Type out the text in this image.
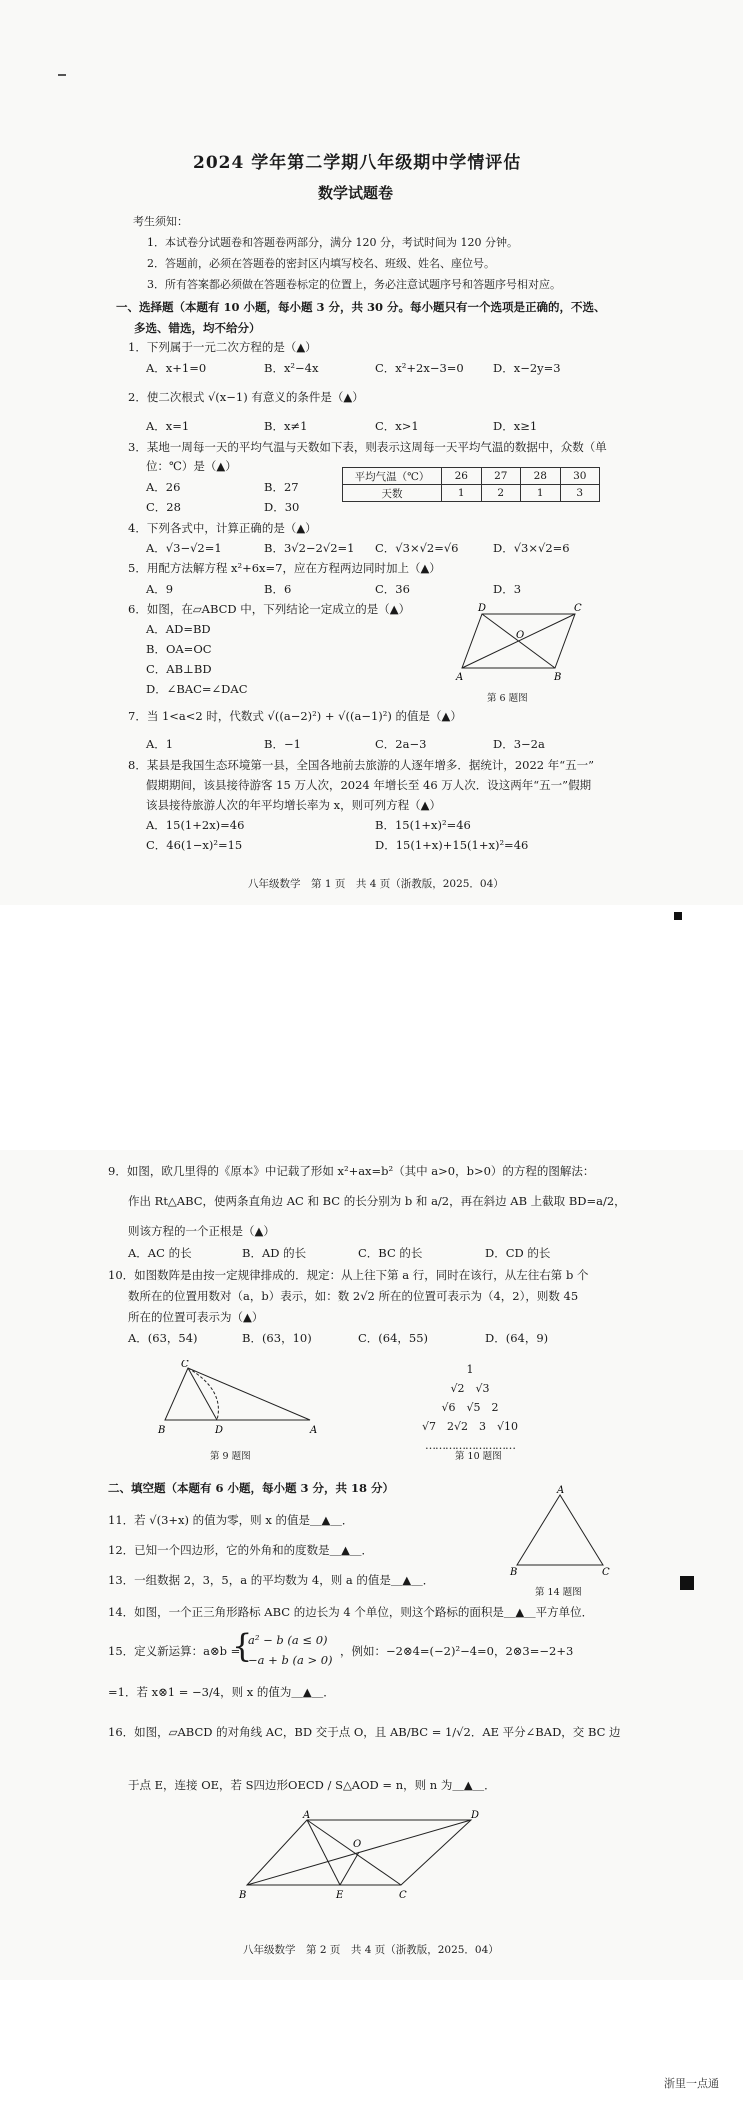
2024 学年第二学期八年级期中学情评估
数学试题卷
考生须知：
1．本试卷分试题卷和答题卷两部分，满分 120 分，考试时间为 120 分钟。
2．答题前，必须在答题卷的密封区内填写校名、班级、姓名、座位号。
3．所有答案都必须做在答题卷标定的位置上，务必注意试题序号和答题序号相对应。
一、选择题（本题有 10 小题，每小题 3 分，共 30 分。每小题只有一个选项是正确的，不选、
多选、错选，均不给分）
1．下列属于一元二次方程的是（▲）
A．x+1=0	B．x²−4x	C．x²+2x−3=0	D．x−2y=3
2．使二次根式 √(x−1) 有意义的条件是（▲）
A．x=1	B．x≠1	C．x>1	D．x≥1
3．某地一周每一天的平均气温与天数如下表，则表示这周每一天平均气温的数据中，众数（单
位：℃）是（▲）
A．26	B．27
C．28	D．30
平均气温（℃）	26	27	28	30
天数	1	2	1	3
4．下列各式中，计算正确的是（▲）
A．√3−√2=1	B．3√2−2√2=1 C．√3×√2=√6	D．√3×√2=6
5．用配方法解方程 x²+6x=7，应在方程两边同时加上（▲）
A．9	B．6	C．36	D．3
6．如图，在▱ABCD 中，下列结论一定成立的是（▲）
A．AD=BD
B．OA=OC
C．AB⊥BD
D．∠BAC=∠DAC
D	C
A	B
O
第 6 题图
7．当 1<a<2 时，代数式 √((a−2)²) + √((a−1)²) 的值是（▲）
A．1	B．−1	C．2a−3	D．3−2a
8．某县是我国生态环境第一县，全国各地前去旅游的人逐年增多．据统计，2022 年“五一”
假期期间，该县接待游客 15 万人次，2024 年增长至 46 万人次．设这两年“五一”假期
该县接待旅游人次的年平均增长率为 x，则可列方程（▲）
A．15(1+2x)=46	B．15(1+x)²=46
C．46(1−x)²=15	D．15(1+x)+15(1+x)²=46
八年级数学　第 1 页　共 4 页（浙教版，2025．04）
9．如图，欧几里得的《原本》中记载了形如 x²+ax=b²（其中 a>0，b>0）的方程的图解法：
作出 Rt△ABC，使两条直角边 AC 和 BC 的长分别为 b 和 a/2，再在斜边 AB 上截取 BD=a/2，
则该方程的一个正根是（▲）
A．AC 的长	B．AD 的长	C．BC 的长	D．CD 的长
10．如图数阵是由按一定规律排成的．规定：从上往下第 a 行，同时在该行，从左往右第 b 个
数所在的位置用数对（a，b）表示，如：数 2√2 所在的位置可表示为（4，2），则数 45
所在的位置可表示为（▲）
A．(63，54)	B．(63，10)	C．(64，55)	D．(64，9)
C
B	D	A
第 9 题图
1
√2　√3
√6　√5　2
√7　2√2　3　√10
………………………
第 10 题图
二、填空题（本题有 6 小题，每小题 3 分，共 18 分）
11．若 √(3+x) 的值为零，则 x 的值是＿▲＿．
12．已知一个四边形，它的外角和的度数是＿▲＿．
13．一组数据 2，3，5，a 的平均数为 4，则 a 的值是＿▲＿．
A
B	C
第 14 题图
14．如图，一个正三角形路标 ABC 的边长为 4 个单位，则这个路标的面积是＿▲＿平方单位．
15．定义新运算：a⊗b =
{
a² − b (a ≤ 0)
−a + b (a > 0)
，例如：−2⊗4=(−2)²−4=0，2⊗3=−2+3
=1．若 x⊗1 = −3/4，则 x 的值为＿▲＿．
16．如图，▱ABCD 的对角线 AC，BD 交于点 O，且 AB/BC = 1/√2．AE 平分∠BAD，交 BC 边
于点 E，连接 OE，若 S四边形OECD / S△AOD = n，则 n 为＿▲＿．
A	D
B	E	C
O
八年级数学　第 2 页　共 4 页（浙教版，2025．04）
浙里一点通
